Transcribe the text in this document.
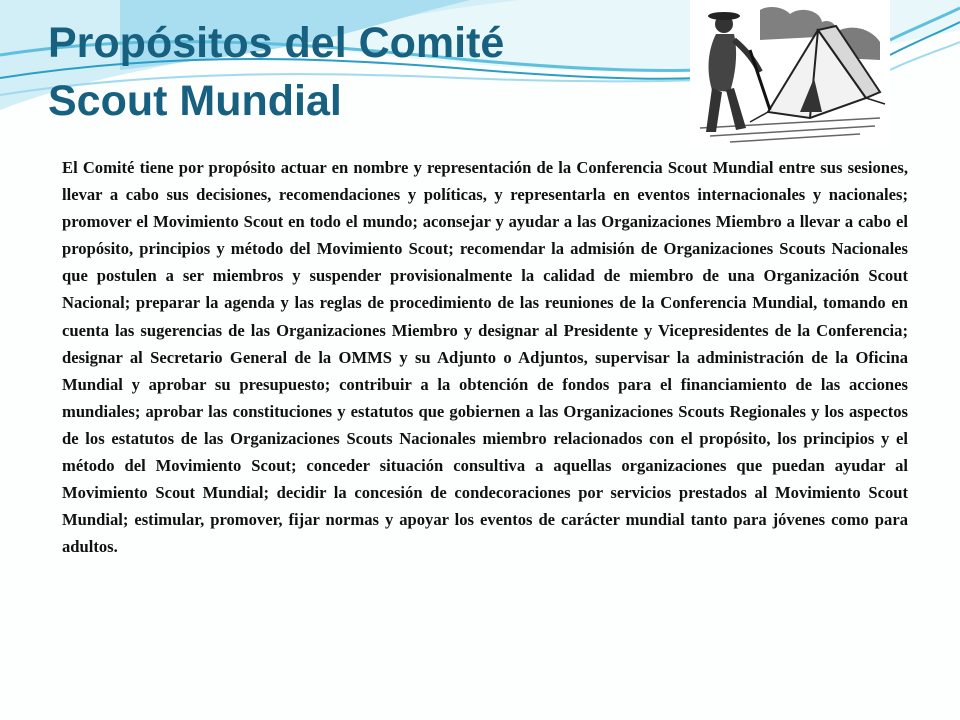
Propósitos del Comité
Scout Mundial

El Comité tiene por propósito actuar en nombre y representación de la Conferencia Scout Mundial entre sus sesiones, llevar a cabo sus decisiones, recomendaciones y políticas, y representarla en eventos internacionales y nacionales; promover el Movimiento Scout en todo el mundo; aconsejar y ayudar a las Organizaciones Miembro a llevar a cabo el propósito, principios y método del Movimiento Scout; recomendar la admisión de Organizaciones Scouts Nacionales que postulen a ser miembros y suspender provisionalmente la calidad de miembro de una Organización Scout Nacional; preparar la agenda y las reglas de procedimiento de las reuniones de la Conferencia Mundial, tomando en cuenta las sugerencias de las Organizaciones Miembro y designar al Presidente y Vicepresidentes de la Conferencia; designar al Secretario General de la OMMS y su Adjunto o Adjuntos, supervisar la administración de la Oficina Mundial y aprobar su presupuesto; contribuir a la obtención de fondos para el financiamiento de las acciones mundiales; aprobar las constituciones y estatutos que gobiernen a las Organizaciones Scouts Regionales y los aspectos de los estatutos de las Organizaciones Scouts Nacionales miembro relacionados con el propósito, los principios y el método del Movimiento Scout; conceder situación consultiva a aquellas organizaciones que puedan ayudar al Movimiento Scout Mundial; decidir la concesión de condecoraciones por servicios prestados al Movimiento Scout Mundial; estimular, promover, fijar normas y apoyar los eventos de carácter mundial tanto para jóvenes como para adultos.
